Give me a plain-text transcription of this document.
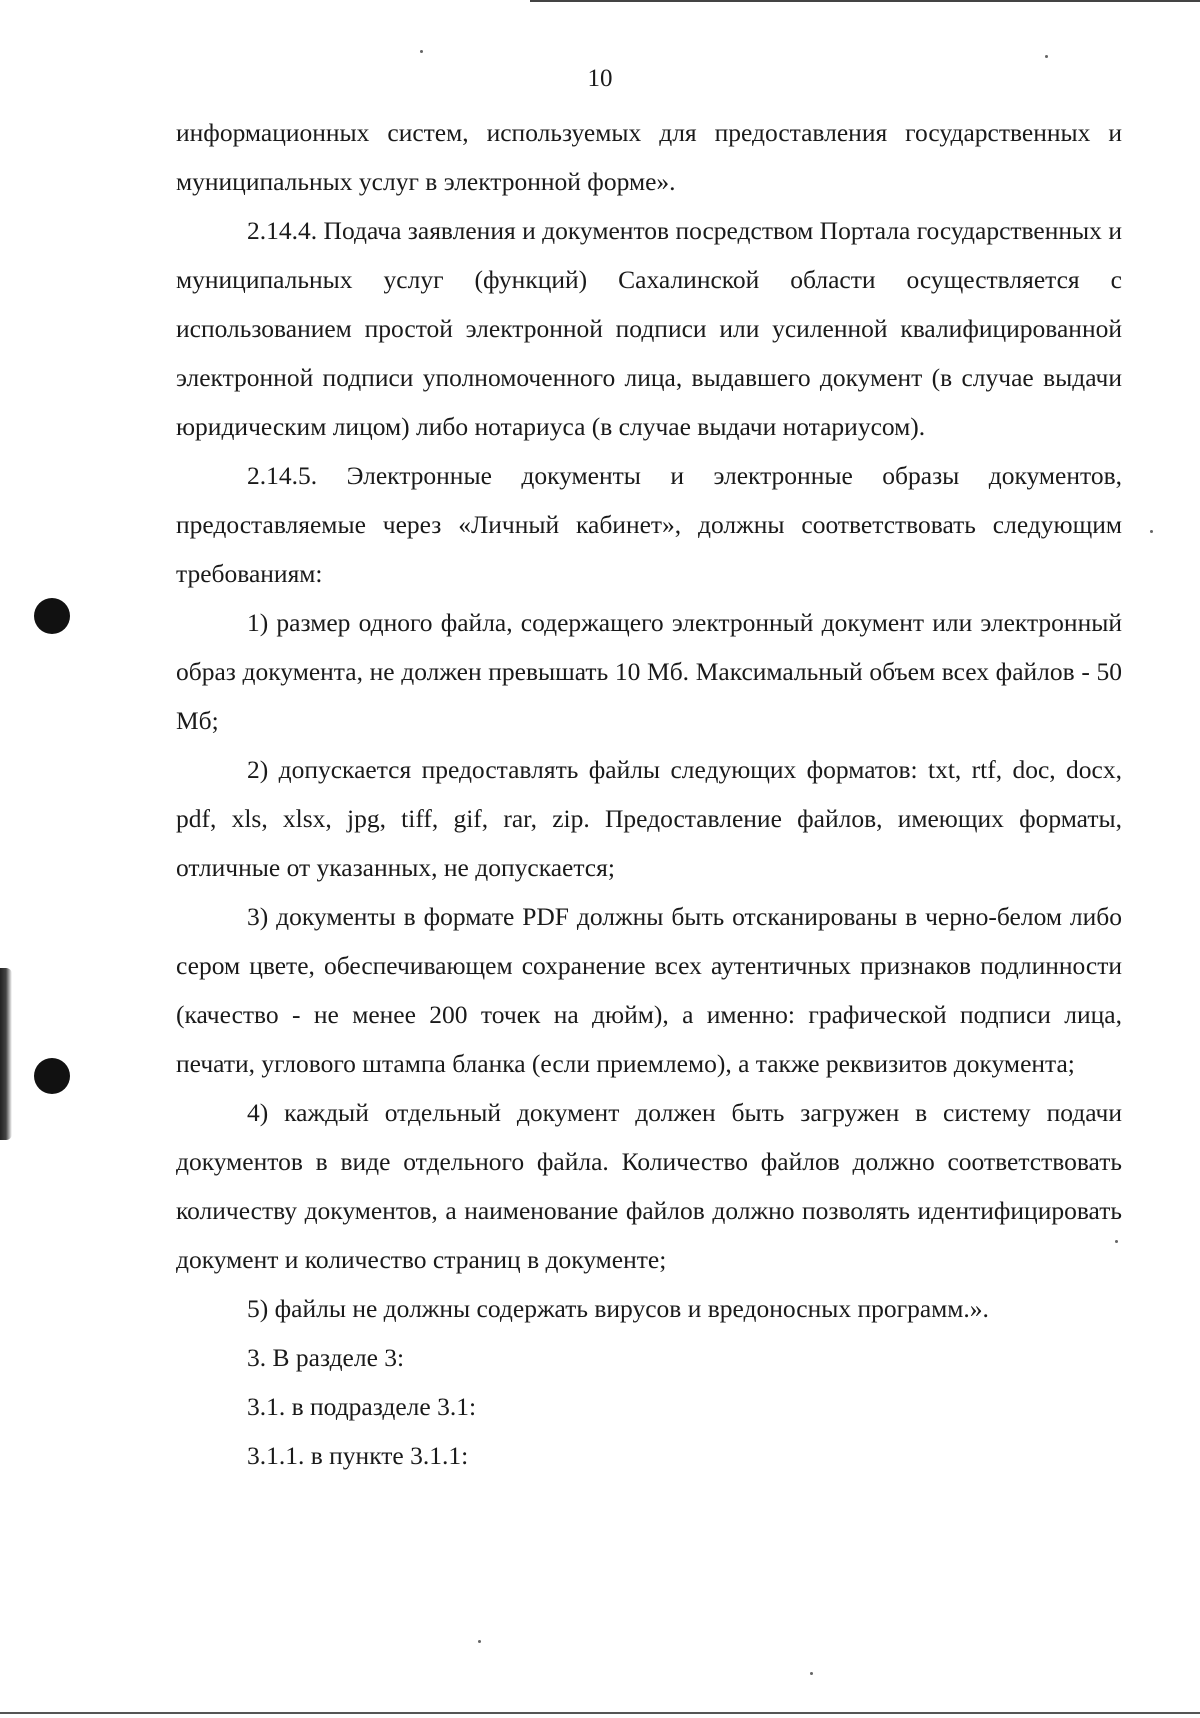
10

информационных систем, используемых для предоставления государственных и муниципальных услуг в электронной форме».

2.14.4. Подача заявления и документов посредством Портала государственных и муниципальных услуг (функций) Сахалинской области осуществляется с использованием простой электронной подписи или усиленной квалифицированной электронной подписи уполномоченного лица, выдавшего документ (в случае выдачи юридическим лицом) либо нотариуса (в случае выдачи нотариусом).

2.14.5. Электронные документы и электронные образы документов, предоставляемые через «Личный кабинет», должны соответствовать следующим требованиям:

1) размер одного файла, содержащего электронный документ или электронный образ документа, не должен превышать 10 Мб. Максимальный объем всех файлов - 50 Мб;

2) допускается предоставлять файлы следующих форматов: txt, rtf, doc, docx, pdf, xls, xlsx, jpg, tiff, gif, rar, zip. Предоставление файлов, имеющих форматы, отличные от указанных, не допускается;

3) документы в формате PDF должны быть отсканированы в черно-белом либо сером цвете, обеспечивающем сохранение всех аутентичных признаков подлинности (качество - не менее 200 точек на дюйм), а именно: графической подписи лица, печати, углового штампа бланка (если приемлемо), а также реквизитов документа;

4) каждый отдельный документ должен быть загружен в систему подачи документов в виде отдельного файла. Количество файлов должно соответствовать количеству документов, а наименование файлов должно позволять идентифицировать документ и количество страниц в документе;

5) файлы не должны содержать вирусов и вредоносных программ.».

3. В разделе 3:

3.1. в подразделе 3.1:

3.1.1. в пункте 3.1.1:
